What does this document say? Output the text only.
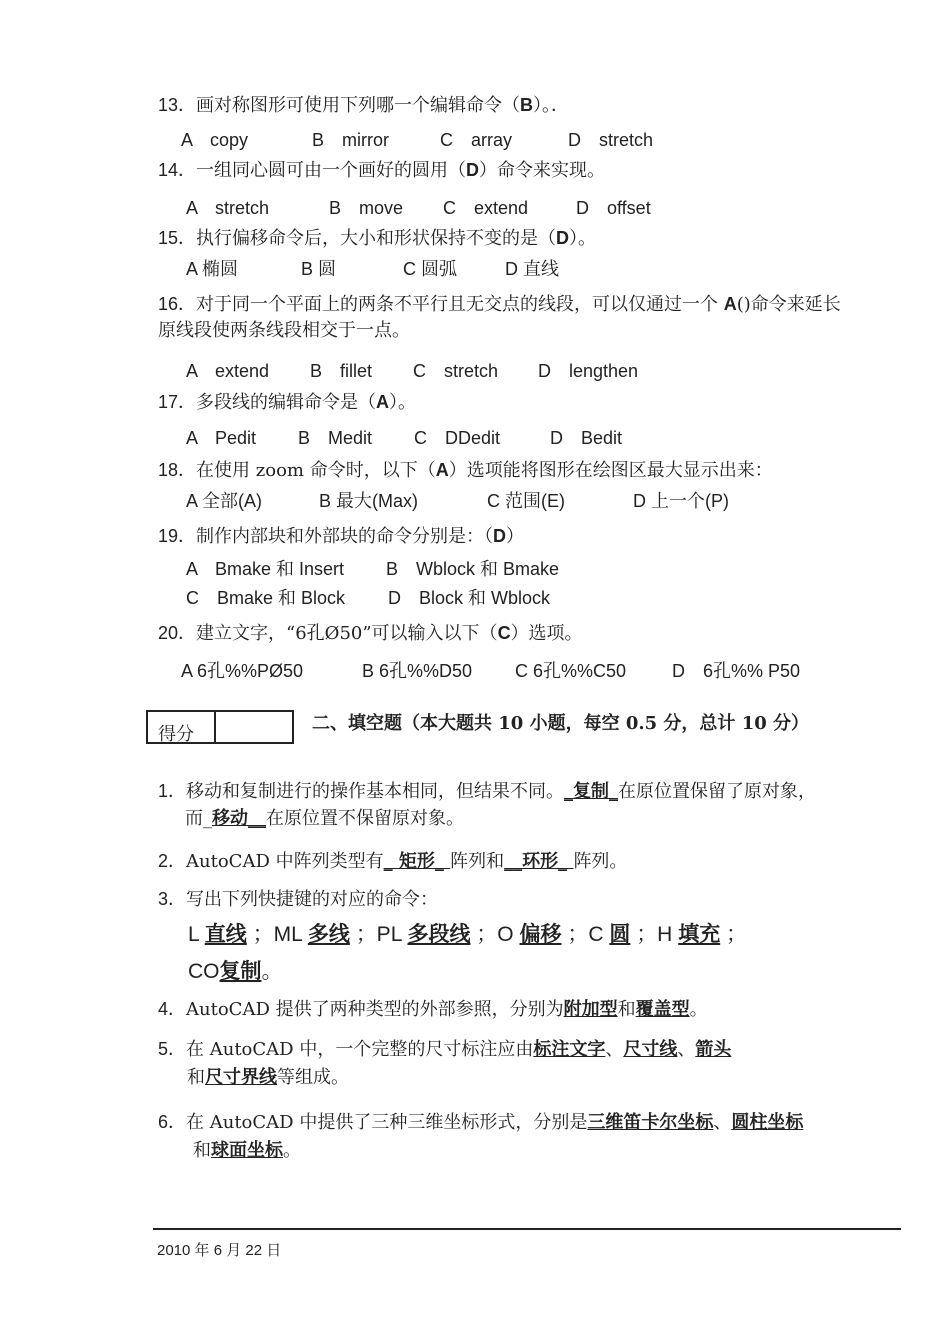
13．画对称图形可使用下列哪一个编辑命令（B）。．
A　copy	B　mirror	C　array	D　stretch
14．一组同心圆可由一个画好的圆用（D）命令来实现。
A　stretch	B　move C　extend	D　offset
15．执行偏移命令后，大小和形状保持不变的是（D）。
A 椭圆	B 圆	C 圆弧	D 直线
16．对于同一个平面上的两条不平行且无交点的线段，可以仅通过一个 A()命令来延长
原线段使两条线段相交于一点。
A　extend B　fillet C　stretch D　lengthen
17．多段线的编辑命令是（A）。
A　Pedit B　Medit C　DDedit	D　Bedit
18．在使用 zoom 命令时，以下（A）选项能将图形在绘图区最大显示出来：
A 全部(A)	B 最大(Max)	C 范围(E)	D 上一个(P)
19．制作内部块和外部块的命令分别是：（D）
A　Bmake 和 Insert B　Wblock 和 Bmake
C　Bmake 和 Block D　Block 和 Wblock
20．建立文字，“6孔Ø50”可以输入以下（C）选项。
A 6孔%%PØ50	B 6孔%%D50 C 6孔%%C50	D　6孔%% P50
得分
二、填空题（本大题共 10 小题，每空 0.5 分，总计 10 分）
1．移动和复制进行的操作基本相同，但结果不同。_复制_在原位置保留了原对象，
而_移动__在原位置不保留原对象。
2．AutoCAD 中阵列类型有_ 矩形_ 阵列和__环形_ 阵列。
3．写出下列快捷键的对应的命令：
L 直线 ；ML 多线 ；PL 多段线 ；O 偏移 ；C 圆 ；H 填充 ；
CO复制。
4．AutoCAD 提供了两种类型的外部参照，分别为附加型和覆盖型。
5．在 AutoCAD 中，一个完整的尺寸标注应由标注文字、尺寸线、箭头
和尺寸界线等组成。
6．在 AutoCAD 中提供了三种三维坐标形式，分别是三维笛卡尔坐标、圆柱坐标
和球面坐标。
2010 年 6 月 22 日
